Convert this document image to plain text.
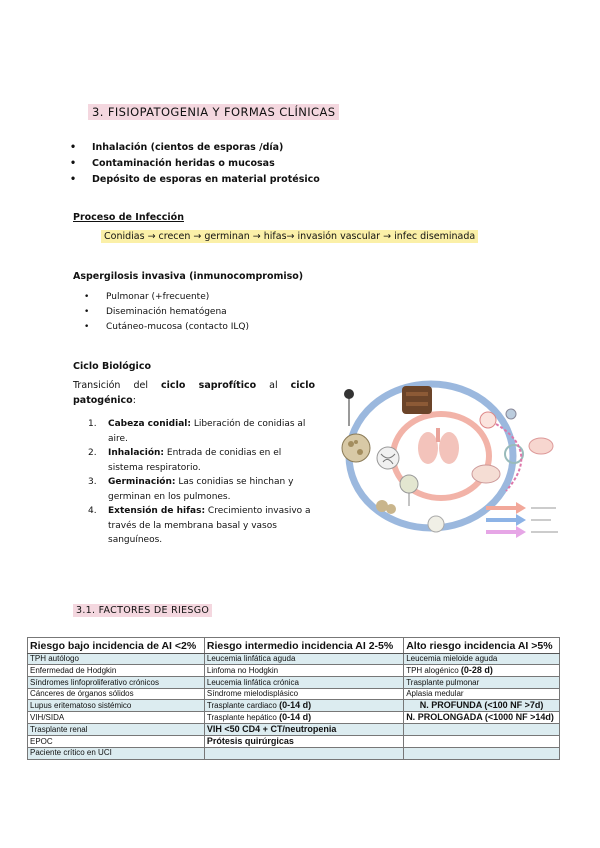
3. FISIOPATOGENIA Y FORMAS CLÍNICAS
• Inhalación (cientos de esporas /día)
• Contaminación heridas o mucosas
• Depósito de esporas en material protésico
Proceso de Infección
Conidias → crecen → germinan → hifas→ invasión vascular → infec diseminada
Aspergilosis invasiva (inmunocompromiso)
• Pulmonar (+frecuente)
• Diseminación hematógena
• Cutáneo-mucosa (contacto ILQ)
Ciclo Biológico
Transición del ciclo saprofítico al ciclo patogénico:
1. Cabeza conidial: Liberación de conidias al aire.
2. Inhalación: Entrada de conidias en el sistema respiratorio.
3. Germinación: Las conidias se hinchan y germinan en los pulmones.
4. Extensión de hifas: Crecimiento invasivo a través de la membrana basal y vasos sanguíneos.
3.1. FACTORES DE RIESGO
Riesgo bajo incidencia de AI <2%	Riesgo intermedio incidencia AI 2-5%	Alto riesgo incidencia AI >5%
TPH autólogo	Leucemia linfática aguda	Leucemia mieloide aguda
Enfermedad de Hodgkin	Linfoma no Hodgkin	TPH alogénico (0-28 d)
Síndromes linfoproliferativo crónicos	Leucemia linfática crónica	Trasplante pulmonar
Cánceres de órganos sólidos	Síndrome mielodisplásico	Aplasia medular
Lupus eritematoso sistémico	Trasplante cardiaco (0-14 d)	N. PROFUNDA (<100 NF >7d)
VIH/SIDA	Trasplante hepático (0-14 d)	N. PROLONGADA (<1000 NF >14d)
Trasplante renal	VIH <50 CD4 + CT/neutropenia	
EPOC	Prótesis quirúrgicas	
Paciente crítico en UCI		
